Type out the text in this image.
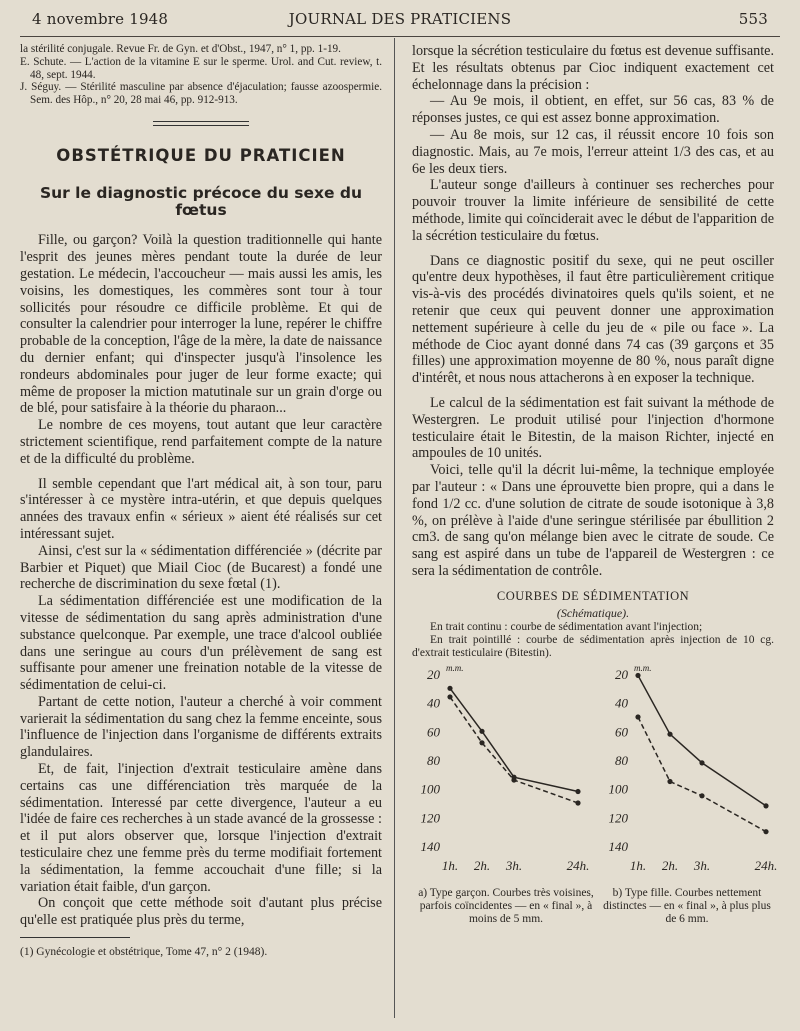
4 novembre 1948	JOURNAL DES PRATICIENS	553

la stérilité conjugale. Revue Fr. de Gyn. et d'Obst., 1947, n° 1, pp. 1-19.

E. Schute. — L'action de la vitamine E sur le sperme. Urol. and Cut. review, t. 48, sept. 1944.

J. Séguy. — Stérilité masculine par absence d'éjaculation; fausse azoospermie. Sem. des Hôp., n° 20, 28 mai 46, pp. 912-913.

OBSTÉTRIQUE DU PRATICIEN

Sur le diagnostic précoce du sexe du fœtus

Fille, ou garçon? Voilà la question traditionnelle qui hante l'esprit des jeunes mères pendant toute la durée de leur gestation. Le médecin, l'accoucheur — mais aussi les amis, les voisins, les domestiques, les commères sont tour à tour sollicités pour résoudre ce difficile problème. Et qui de consulter la calendrier pour interroger la lune, repérer le chiffre probable de la conception, l'âge de la mère, la date de naissance du dernier enfant; qui d'inspecter jusqu'à l'insolence les rondeurs abdominales pour juger de leur forme exacte; qui même de proposer la miction matutinale sur un grain d'orge ou de blé, pour satisfaire à la théorie du pharaon...

Le nombre de ces moyens, tout autant que leur caractère strictement scientifique, rend parfaitement compte de la nature et de la difficulté du problème.

Il semble cependant que l'art médical ait, à son tour, paru s'intéresser à ce mystère intra-utérin, et que depuis quelques années des travaux enfin « sérieux » aient été réalisés sur cet intéressant sujet.

Ainsi, c'est sur la « sédimentation différenciée » (décrite par Barbier et Piquet) que Miail Cioc (de Bucarest) a fondé une recherche de discrimination du sexe fœtal (1).

La sédimentation différenciée est une modification de la vitesse de sédimentation du sang après administration d'une substance quelconque. Par exemple, une trace d'alcool oubliée dans une seringue au cours d'un prélèvement de sang est suffisante pour amener une freination notable de la vitesse de sédimentation de celui-ci.

Partant de cette notion, l'auteur a cherché à voir comment varierait la sédimentation du sang chez la femme enceinte, sous l'influence de l'injection dans l'organisme de différents extraits glandulaires.

Et, de fait, l'injection d'extrait testiculaire amène dans certains cas une différenciation très marquée de la sédimentation. Interessé par cette divergence, l'auteur a eu l'idée de faire ces recherches à un stade avancé de la grossesse : et il put alors observer que, lorsque l'injection d'extrait testiculaire chez une femme près du terme modifiait fortement la sédimentation, la femme accouchait d'une fille; si la variation était faible, d'un garçon.

On conçoit que cette méthode soit d'autant plus précise qu'elle est pratiquée plus près du terme,

(1) Gynécologie et obstétrique, Tome 47, n° 2 (1948).

lorsque la sécrétion testiculaire du fœtus est devenue suffisante. Et les résultats obtenus par Cioc indiquent exactement cet échelonnage dans la précision :

— Au 9e mois, il obtient, en effet, sur 56 cas, 83 % de réponses justes, ce qui est assez bonne approximation.

— Au 8e mois, sur 12 cas, il réussit encore 10 fois son diagnostic. Mais, au 7e mois, l'erreur atteint 1/3 des cas, et au 6e les deux tiers.

L'auteur songe d'ailleurs à continuer ses recherches pour pouvoir trouver la limite inférieure de sensibilité de cette méthode, limite qui coïnciderait avec le début de l'apparition de la sécrétion testiculaire du fœtus.

Dans ce diagnostic positif du sexe, qui ne peut osciller qu'entre deux hypothèses, il faut être particulièrement critique vis-à-vis des procédés divinatoires quels qu'ils soient, et ne retenir que ceux qui peuvent donner une approximation nettement supérieure à celle du jeu de « pile ou face ». La méthode de Cioc ayant donné dans 74 cas (39 garçons et 35 filles) une approximation moyenne de 80 %, nous paraît digne d'intérêt, et nous nous attacherons à en exposer la technique.

Le calcul de la sédimentation est fait suivant la méthode de Westergren. Le produit utilisé pour l'injection d'hormone testiculaire était le Bitestin, de la maison Richter, injecté en ampoules de 10 unités.

Voici, telle qu'il la décrit lui-même, la technique employée par l'auteur : « Dans une éprouvette bien propre, qui a dans le fond 1/2 cc. d'une solution de citrate de soude isotonique à 3,8 %, on prélève à l'aide d'une seringue stérilisée par ébullition 2 cm3. de sang qu'on mélange bien avec le citrate de soude. Ce sang est aspiré dans un tube de l'appareil de Westergren : ce sera la sédimentation de contrôle.

COURBES DE SÉDIMENTATION

(Schématique).

En trait continu : courbe de sédimentation avant l'injection;

En trait pointillé : courbe de sédimentation après injection de 10 cg. d'extrait testiculaire (Bitestin).

m.m.
20
40
60
80
100
120
140
1h. 2h. 3h.	24h.
a) Type garçon. Courbes très voisines, parfois coïncidentes — en « final », à moins de 5 mm.
m.m.
20
40
60
80
100
120
140
1h. 2h. 3h.	24h.
b) Type fille. Courbes nettement distinctes — en « final », à plus plus de 6 mm.
